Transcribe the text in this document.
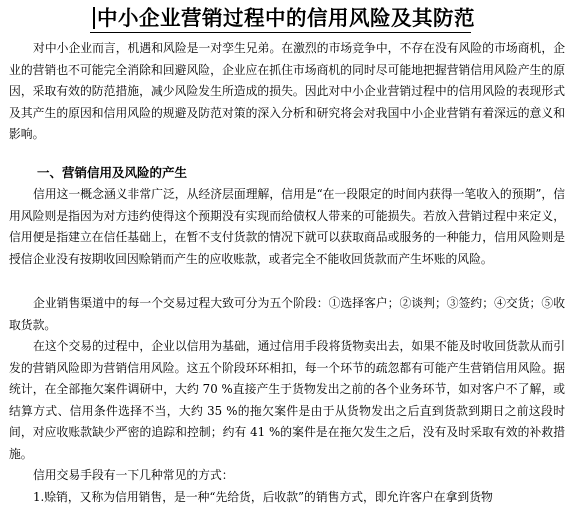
中小企业营销过程中的信用风险及其防范

对中小企业而言，机遇和风险是一对孪生兄弟。在激烈的市场竞争中，不存在没有风险的市场商机，企业的营销也不可能完全消除和回避风险，企业应在抓住市场商机的同时尽可能地把握营销信用风险产生的原因，采取有效的防范措施，减少风险发生所造成的损失。因此对中小企业营销过程中的信用风险的表现形式及其产生的原因和信用风险的规避及防范对策的深入分析和研究将会对我国中小企业营销有着深远的意义和影响。

一、营销信用及风险的产生

信用这一概念涵义非常广泛，从经济层面理解，信用是“在一段限定的时间内获得一笔收入的预期”，信用风险则是指因为对方违约使得这个预期没有实现而给债权人带来的可能损失。若放入营销过程中来定义，信用便是指建立在信任基础上，在暂不支付货款的情况下就可以获取商品或服务的一种能力，信用风险则是授信企业没有按期收回因赊销而产生的应收账款，或者完全不能收回货款而产生坏账的风险。

企业销售渠道中的每一个交易过程大致可分为五个阶段：①选择客户；②谈判；③签约；④交货；⑤收取货款。

在这个交易的过程中，企业以信用为基础，通过信用手段将货物卖出去，如果不能及时收回货款从而引发的营销风险即为营销信用风险。这五个阶段环环相扣，每一个环节的疏忽都有可能产生营销信用风险。据统计，在全部拖欠案件调研中，大约 70 %直接产生于货物发出之前的各个业务环节，如对客户不了解，或结算方式、信用条件选择不当，大约 35 %的拖欠案件是由于从货物发出之后直到货款到期日之前这段时间，对应收账款缺少严密的追踪和控制；约有 41 %的案件是在拖欠发生之后，没有及时采取有效的补救措施。

信用交易手段有一下几种常见的方式：

1.赊销，又称为信用销售，是一种“先给货，后收款”的销售方式，即允许客户在拿到货物
